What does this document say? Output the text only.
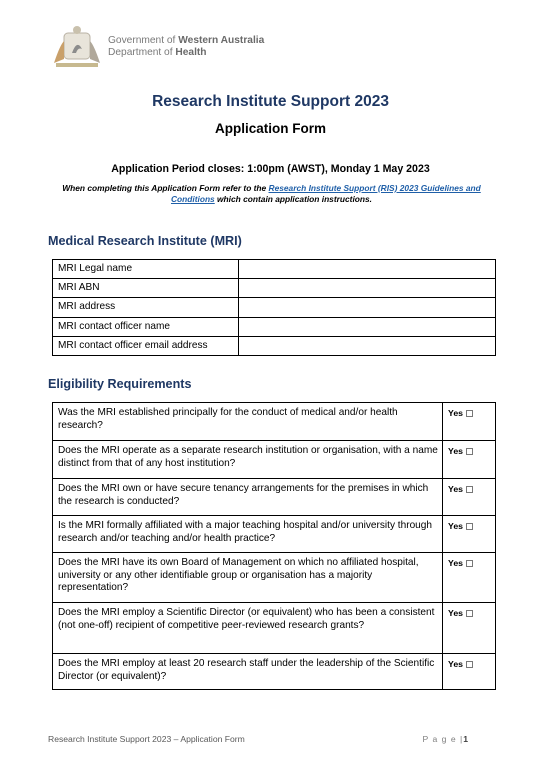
Government of Western Australia
Department of Health
Research Institute Support 2023
Application Form
Application Period closes: 1:00pm (AWST), Monday 1 May 2023
When completing this Application Form refer to the Research Institute Support (RIS) 2023 Guidelines and Conditions which contain application instructions.
Medical Research Institute (MRI)
MRI Legal name	
MRI ABN	
MRI address	
MRI contact officer name	
MRI contact officer email address	
Eligibility Requirements
Was the MRI established principally for the conduct of medical and/or health research?	Yes
Does the MRI operate as a separate research institution or organisation, with a name distinct from that of any host institution?	Yes
Does the MRI own or have secure tenancy arrangements for the premises in which the research is conducted?	Yes
Is the MRI formally affiliated with a major teaching hospital and/or university through research and/or teaching and/or health practice?	Yes
Does the MRI have its own Board of Management on which no affiliated hospital, university or any other identifiable group or organisation has a majority representation?	Yes
Does the MRI employ a Scientific Director (or equivalent) who has been a consistent (not one-off) recipient of competitive peer-reviewed research grants?	Yes
Does the MRI employ at least 20 research staff under the leadership of the Scientific Director (or equivalent)?	Yes
Research Institute Support 2023 – Application Form	P a g e |1
